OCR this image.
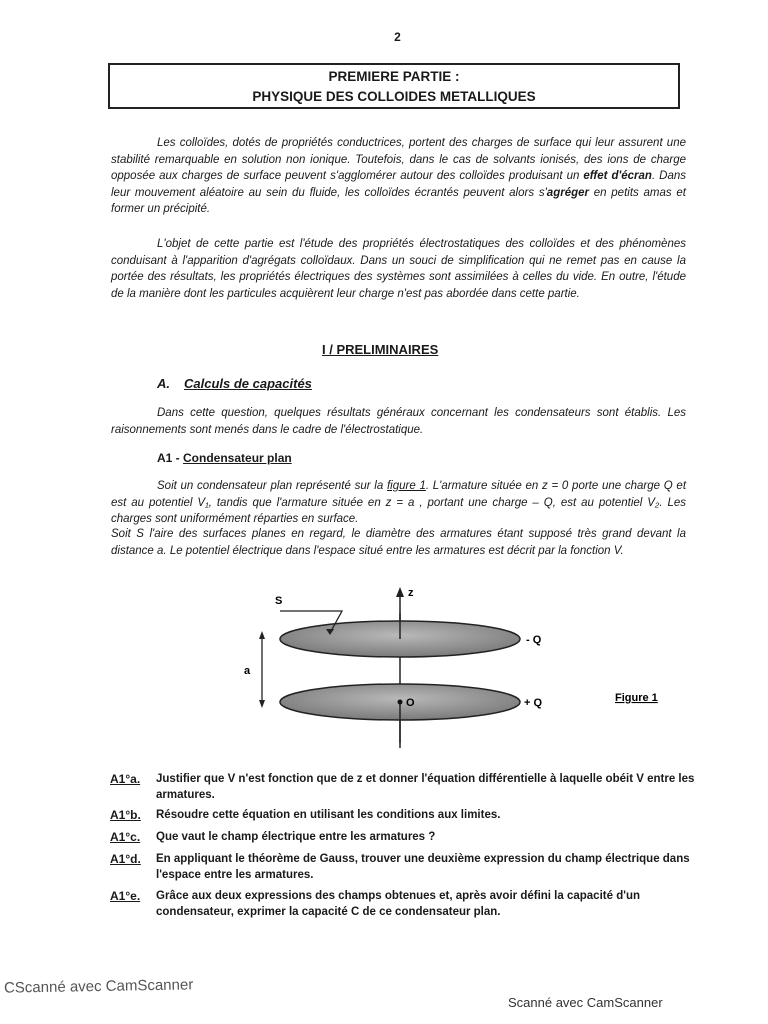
2
PREMIERE PARTIE :
PHYSIQUE DES COLLOIDES METALLIQUES

Les colloïdes, dotés de propriétés conductrices, portent des charges de surface qui leur assurent une stabilité remarquable en solution non ionique. Toutefois, dans le cas de solvants ionisés, des ions de charge opposée aux charges de surface peuvent s'agglomérer autour des colloïdes produisant un effet d'écran. Dans leur mouvement aléatoire au sein du fluide, les colloïdes écrantés peuvent alors s'agréger en petits amas et former un précipité.

L'objet de cette partie est l'étude des propriétés électrostatiques des colloïdes et des phénomènes conduisant à l'apparition d'agrégats colloïdaux. Dans un souci de simplification qui ne remet pas en cause la portée des résultats, les propriétés électriques des systèmes sont assimilées à celles du vide. En outre, l'étude de la manière dont les particules acquièrent leur charge n'est pas abordée dans cette partie.

I / PRELIMINAIRES
A. Calculs de capacités

Dans cette question, quelques résultats généraux concernant les condensateurs sont établis. Les raisonnements sont menés dans le cadre de l'électrostatique.

A1 - Condensateur plan

Soit un condensateur plan représenté sur la figure 1. L'armature située en z = 0 porte une charge Q et est au potentiel V₁, tandis que l'armature située en z = a , portant une charge – Q, est au potentiel V₂. Les charges sont uniformément réparties en surface.

Soit S l'aire des surfaces planes en regard, le diamètre des armatures étant supposé très grand devant la distance a. Le potentiel électrique dans l'espace situé entre les armatures est décrit par la fonction V.

z
O
S
a
- Q
+ Q	Figure 1
A1°a. Justifier que V n'est fonction que de z et donner l'équation différentielle à laquelle obéit V entre les armatures.
A1°b. Résoudre cette équation en utilisant les conditions aux limites.
A1°c. Que vaut le champ électrique entre les armatures ?
A1°d. En appliquant le théorème de Gauss, trouver une deuxième expression du champ électrique dans l'espace entre les armatures.
A1°e. Grâce aux deux expressions des champs obtenues et, après avoir défini la capacité d'un condensateur, exprimer la capacité C de ce condensateur plan.
CScanné avec CamScanner
Scanné avec CamScanner
